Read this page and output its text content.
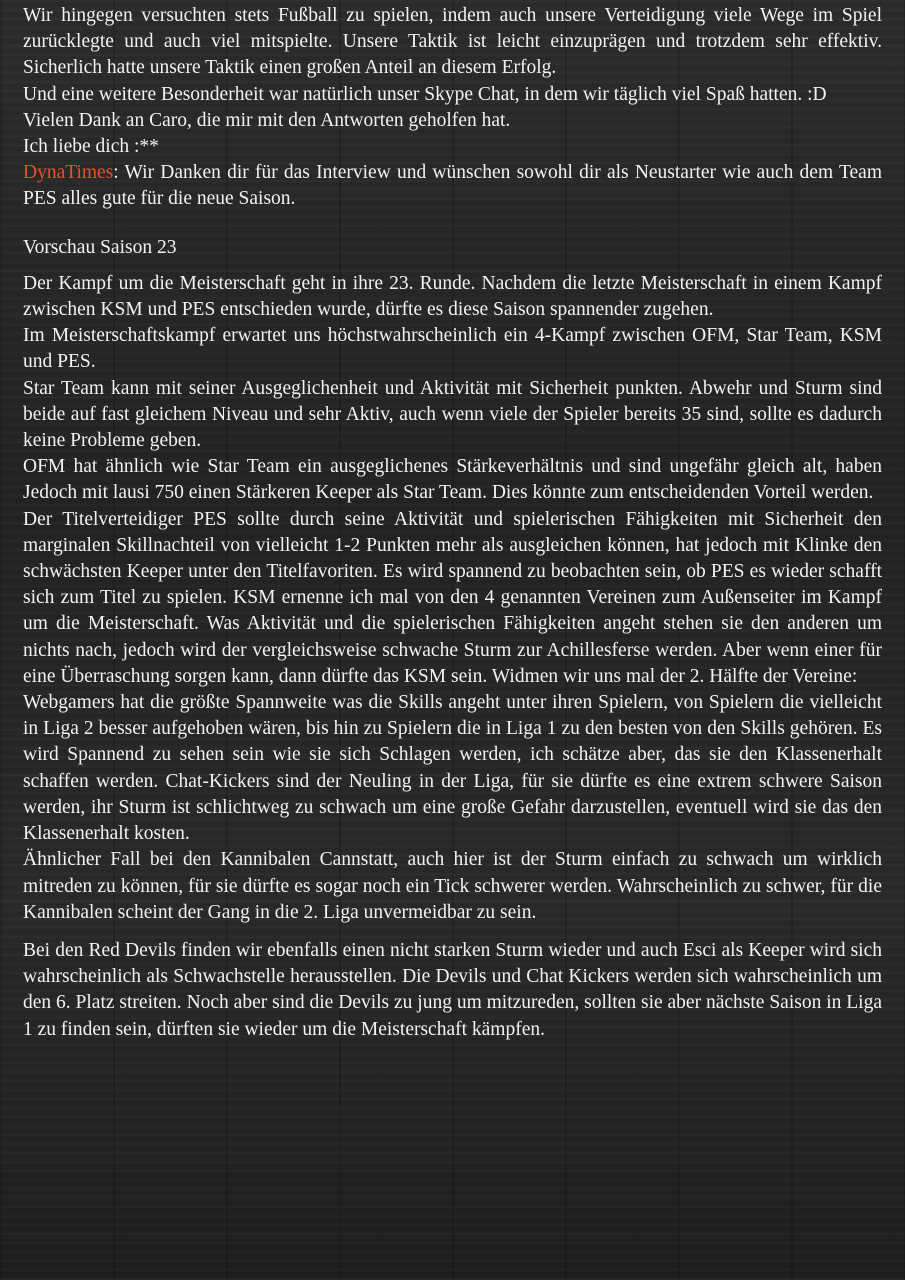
Wir hingegen versuchten stets Fußball zu spielen, indem auch unsere Verteidigung viele Wege im Spiel zurücklegte und auch viel mitspielte. Unsere Taktik ist leicht einzuprägen und trotzdem sehr effektiv. Sicherlich hatte unsere Taktik einen großen Anteil an diesem Erfolg.

Und eine weitere Besonderheit war natürlich unser Skype Chat, in dem wir täglich viel Spaß hatten. :D

Vielen Dank an Caro, die mir mit den Antworten geholfen hat.

Ich liebe dich :**

DynaTimes: Wir Danken dir für das Interview und wünschen sowohl dir als Neustarter wie auch dem Team PES alles gute für die neue Saison.

Vorschau Saison 23

Der Kampf um die Meisterschaft geht in ihre 23. Runde. Nachdem die letzte Meisterschaft in einem Kampf zwischen KSM und PES entschieden wurde, dürfte es diese Saison spannender zugehen.

Im Meisterschaftskampf erwartet uns höchstwahrscheinlich ein 4-Kampf zwischen OFM, Star Team, KSM und PES.

Star Team kann mit seiner Ausgeglichenheit und Aktivität mit Sicherheit punkten. Abwehr und Sturm sind beide auf fast gleichem Niveau und sehr Aktiv, auch wenn viele der Spieler bereits 35 sind, sollte es dadurch keine Probleme geben.

OFM hat ähnlich wie Star Team ein ausgeglichenes Stärkeverhältnis und sind ungefähr gleich alt, haben Jedoch mit lausi 750 einen Stärkeren Keeper als Star Team. Dies könnte zum entscheidenden Vorteil werden.

Der Titelverteidiger PES sollte durch seine Aktivität und spielerischen Fähigkeiten mit Sicherheit den marginalen Skillnachteil von vielleicht 1-2 Punkten mehr als ausgleichen können, hat jedoch mit Klinke den schwächsten Keeper unter den Titelfavoriten. Es wird spannend zu beobachten sein, ob PES es wieder schafft sich zum Titel zu spielen. KSM ernenne ich mal von den 4 genannten Vereinen zum Außenseiter im Kampf um die Meisterschaft. Was Aktivität und die spielerischen Fähigkeiten angeht stehen sie den anderen um nichts nach, jedoch wird der vergleichsweise schwache Sturm zur Achillesferse werden. Aber wenn einer für eine Überraschung sorgen kann, dann dürfte das KSM sein. Widmen wir uns mal der 2. Hälfte der Vereine:

Webgamers hat die größte Spannweite was die Skills angeht unter ihren Spielern, von Spielern die vielleicht in Liga 2 besser aufgehoben wären, bis hin zu Spielern die in Liga 1 zu den besten von den Skills gehören. Es wird Spannend zu sehen sein wie sie sich Schlagen werden, ich schätze aber, das sie den Klassenerhalt schaffen werden. Chat-Kickers sind der Neuling in der Liga, für sie dürfte es eine extrem schwere Saison werden, ihr Sturm ist schlichtweg zu schwach um eine große Gefahr darzustellen, eventuell wird sie das den Klassenerhalt kosten.

Ähnlicher Fall bei den Kannibalen Cannstatt, auch hier ist der Sturm einfach zu schwach um wirklich mitreden zu können, für sie dürfte es sogar noch ein Tick schwerer werden. Wahrscheinlich zu schwer, für die Kannibalen scheint der Gang in die 2. Liga unvermeidbar zu sein.

Bei den Red Devils finden wir ebenfalls einen nicht starken Sturm wieder und auch Esci als Keeper wird sich wahrscheinlich als Schwachstelle herausstellen. Die Devils und Chat Kickers werden sich wahrscheinlich um den 6. Platz streiten. Noch aber sind die Devils zu jung um mitzureden, sollten sie aber nächste Saison in Liga 1 zu finden sein, dürften sie wieder um die Meisterschaft kämpfen.
